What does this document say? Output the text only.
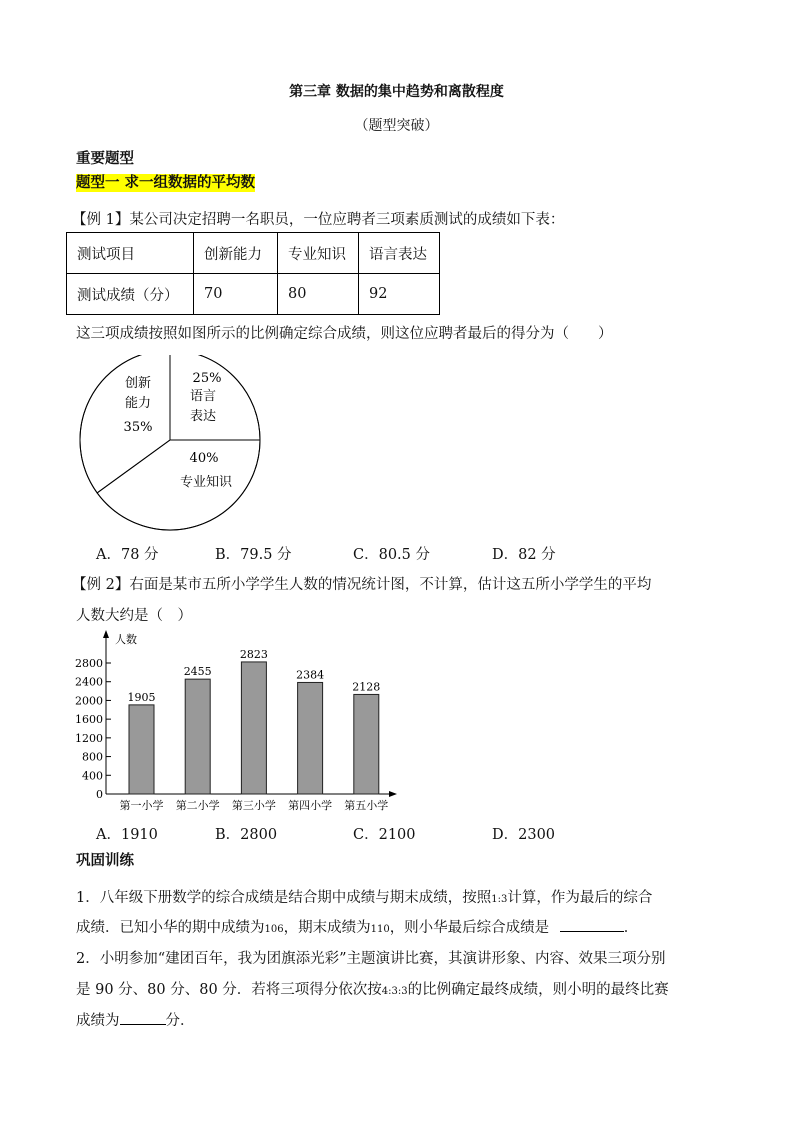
第三章 数据的集中趋势和离散程度
（题型突破）
重要题型
题型一 求一组数据的平均数
【例 1】某公司决定招聘一名职员，一位应聘者三项素质测试的成绩如下表：
测试项目	创新能力	专业知识	语言表达
测试成绩（分）	70	80	92
这三项成绩按照如图所示的比例确定综合成绩，则这位应聘者最后的得分为（　　）
25%
语言
表达
创新
能力
35%
40%
专业知识
A．78 分	B．79.5 分	C．80.5 分	D．82 分
【例 2】右面是某市五所小学学生人数的情况统计图，不计算，估计这五所小学学生的平均
人数大约是（　）
0
400
800
1200
1600
2000
2400
2800
1905
第一小学
2455
第二小学
2823
第三小学
2384
第四小学
2128
第五小学
人数
A．1910	B．2800	C．2100	D．2300
巩固训练
1．八年级下册数学的综合成绩是结合期中成绩与期末成绩，按照1:3计算，作为最后的综合
成绩．已知小华的期中成绩为106，期末成绩为110，则小华最后综合成绩是	．
2．小明参加“建团百年，我为团旗添光彩”主题演讲比赛，其演讲形象、内容、效果三项分别
是 90 分、80 分、80 分．若将三项得分依次按4:3:3的比例确定最终成绩，则小明的最终比赛
成绩为	分．
